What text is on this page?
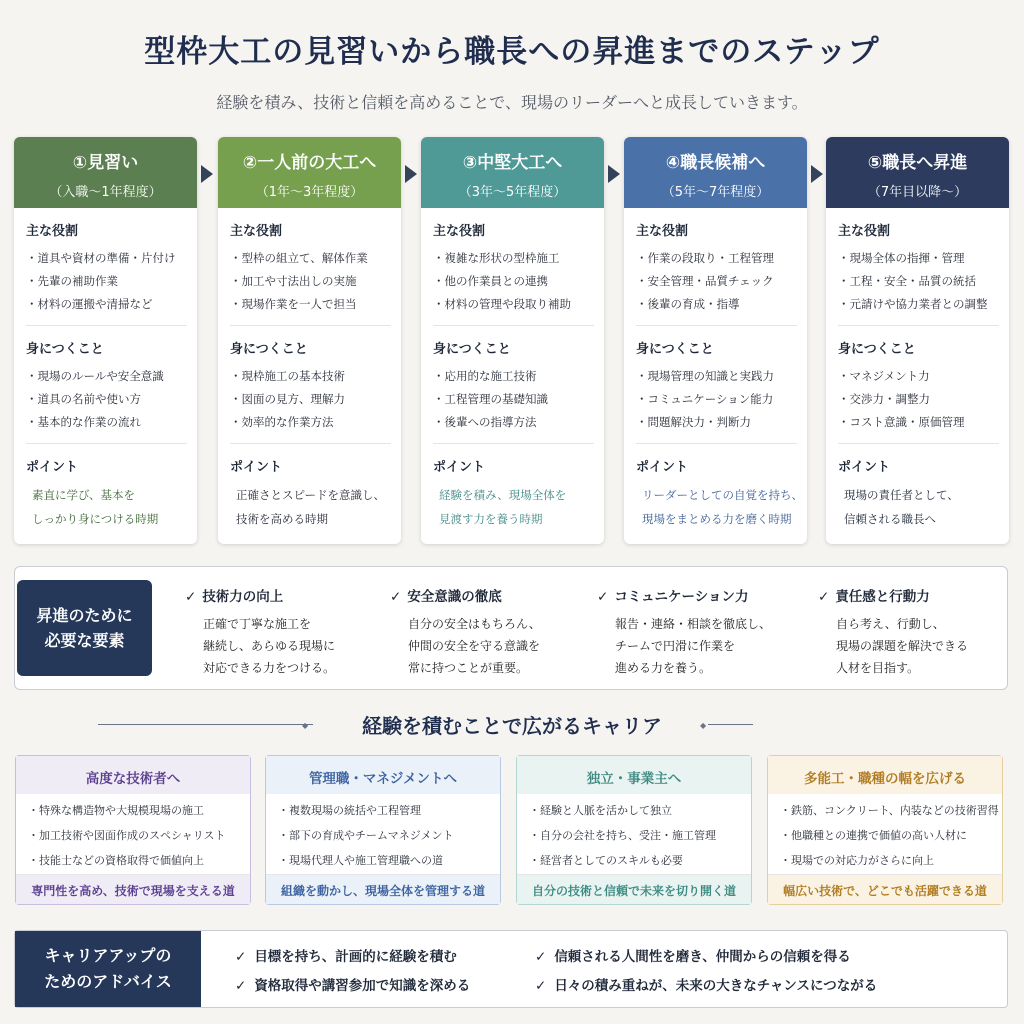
型枠大工の見習いから職長への昇進までのステップ
経験を積み、技術と信頼を高めることで、現場のリーダーへと成長していきます。
①見習い
（入職〜1年程度）
主な役割
・道具や資材の準備・片付け
・先輩の補助作業
・材料の運搬や清掃など
身につくこと
・現場のルールや安全意識
・道具の名前や使い方
・基本的な作業の流れ
ポイント
素直に学び、基本を
しっかり身につける時期
②一人前の大工へ
（1年〜3年程度）
主な役割
・型枠の組立て、解体作業
・加工や寸法出しの実施
・現場作業を一人で担当
身につくこと
・現枠施工の基本技術
・図面の見方、理解力
・効率的な作業方法
ポイント
正確さとスピードを意識し、
技術を高める時期
③中堅大工へ
（3年〜5年程度）
主な役割
・複雑な形状の型枠施工
・他の作業員との連携
・材料の管理や段取り補助
身につくこと
・応用的な施工技術
・工程管理の基礎知識
・後輩への指導方法
ポイント
経験を積み、現場全体を
見渡す力を養う時期
④職長候補へ
（5年〜7年程度）
主な役割
・作業の段取り・工程管理
・安全管理・品質チェック
・後輩の育成・指導
身につくこと
・現場管理の知識と実践力
・コミュニケーション能力
・問題解決力・判断力
ポイント
リーダーとしての自覚を持ち、
現場をまとめる力を磨く時期
⑤職長へ昇進
（7年目以降〜）
主な役割
・現場全体の指揮・管理
・工程・安全・品質の統括
・元請けや協力業者との調整
身につくこと
・マネジメント力
・交渉力・調整力
・コスト意識・原価管理
ポイント
現場の責任者として、
信頼される職長へ
昇進のために
必要な要素
✓ 技術力の向上
正確で丁寧な施工を
継続し、あらゆる現場に
対応できる力をつける。
✓ 安全意識の徹底
自分の安全はもちろん、
仲間の安全を守る意識を
常に持つことが重要。
✓ コミュニケーション力
報告・連絡・相談を徹底し、
チームで円滑に作業を
進める力を養う。
✓ 責任感と行動力
自ら考え、行動し、
現場の課題を解決できる
人材を目指す。
◆	◆
経験を積むことで広がるキャリア
高度な技術者へ
・特殊な構造物や大規模現場の施工
・加工技術や図面作成のスペシャリスト
・技能士などの資格取得で価値向上
専門性を高め、技術で現場を支える道
管理職・マネジメントへ
・複数現場の統括や工程管理
・部下の育成やチームマネジメント
・現場代理人や施工管理職への道
組織を動かし、現場全体を管理する道
独立・事業主へ
・経験と人脈を活かして独立
・自分の会社を持ち、受注・施工管理
・経営者としてのスキルも必要
自分の技術と信頼で未来を切り開く道
多能工・職種の幅を広げる
・鉄筋、コンクリート、内装などの技術習得
・他職種との連携で価値の高い人材に
・現場での対応力がさらに向上
幅広い技術で、どこでも活躍できる道
キャリアアップの
ためのアドバイス
✓ 目標を持ち、計画的に経験を積む
✓ 資格取得や講習参加で知識を深める
✓ 信頼される人間性を磨き、仲間からの信頼を得る
✓ 日々の積み重ねが、未来の大きなチャンスにつながる
